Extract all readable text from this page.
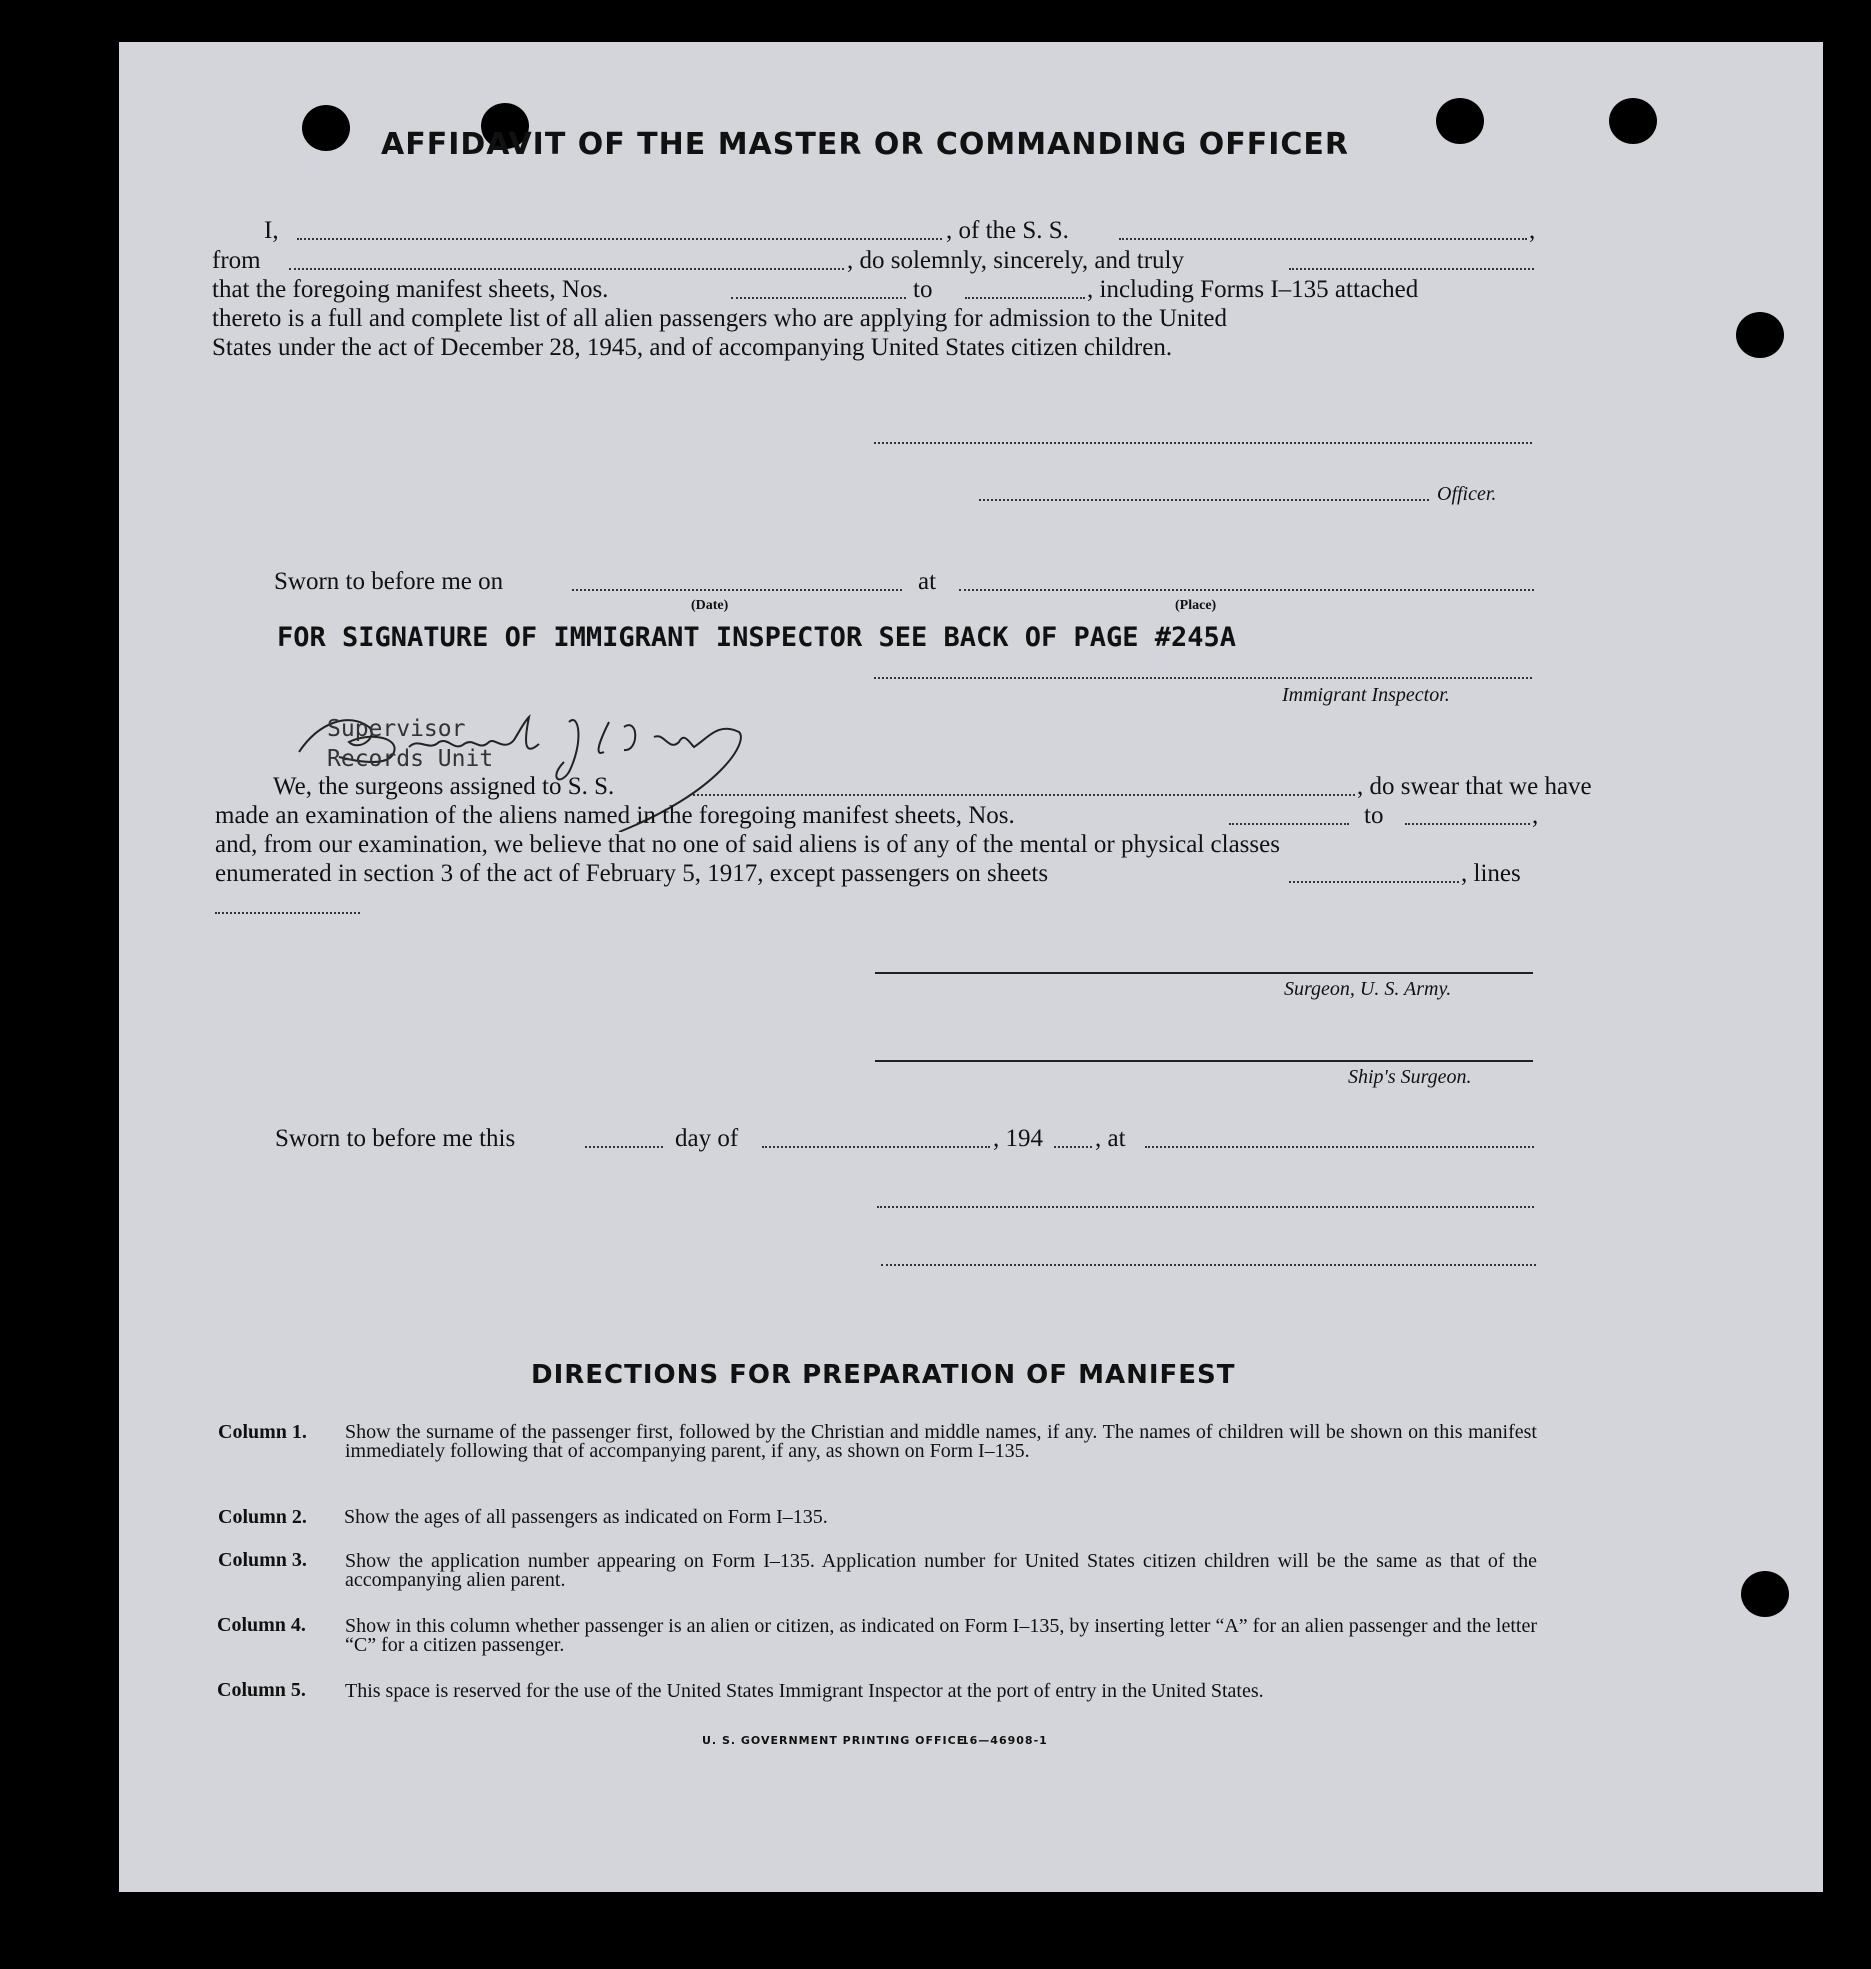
AFFIDAVIT OF THE MASTER OR COMMANDING OFFICER
I,	, of the S. S.	,
from	, do solemnly, sincerely, and truly
that the foregoing manifest sheets, Nos.	to	, including Forms I–135 attached
thereto is a full and complete list of all alien passengers who are applying for admission to the United
States under the act of December 28, 1945, and of accompanying United States citizen children.
Officer.
Sworn to before me on	at
(Date)	(Place)
FOR SIGNATURE OF IMMIGRANT INSPECTOR SEE BACK OF PAGE #245A
Immigrant Inspector.
Supervisor
Records Unit
We, the surgeons assigned to S. S.	, do swear that we have
made an examination of the aliens named in the foregoing manifest sheets, Nos.	to	,
and, from our examination, we believe that no one of said aliens is of any of the mental or physical classes
enumerated in section 3 of the act of February 5, 1917, except passengers on sheets	, lines
Surgeon, U. S. Army.
Ship's Surgeon.
Sworn to before me this	day of	, 194 , at
DIRECTIONS FOR PREPARATION OF MANIFEST
Column 1. Show the surname of the passenger first, followed by the Christian and middle names, if any. The names of children will be shown on this manifest immediately following that of accompanying parent, if any, as shown on Form I–135.
Column 2. Show the ages of all passengers as indicated on Form I–135.
Column 3. Show the application number appearing on Form I–135. Application number for United States citizen children will be the same as that of the accompanying alien parent.
Column 4. Show in this column whether passenger is an alien or citizen, as indicated on Form I–135, by inserting letter “A” for an alien passenger and the letter “C” for a citizen passenger.
Column 5. This space is reserved for the use of the United States Immigrant Inspector at the port of entry in the United States.
U. S. GOVERNMENT PRINTING OFFICE
16—46908-1
